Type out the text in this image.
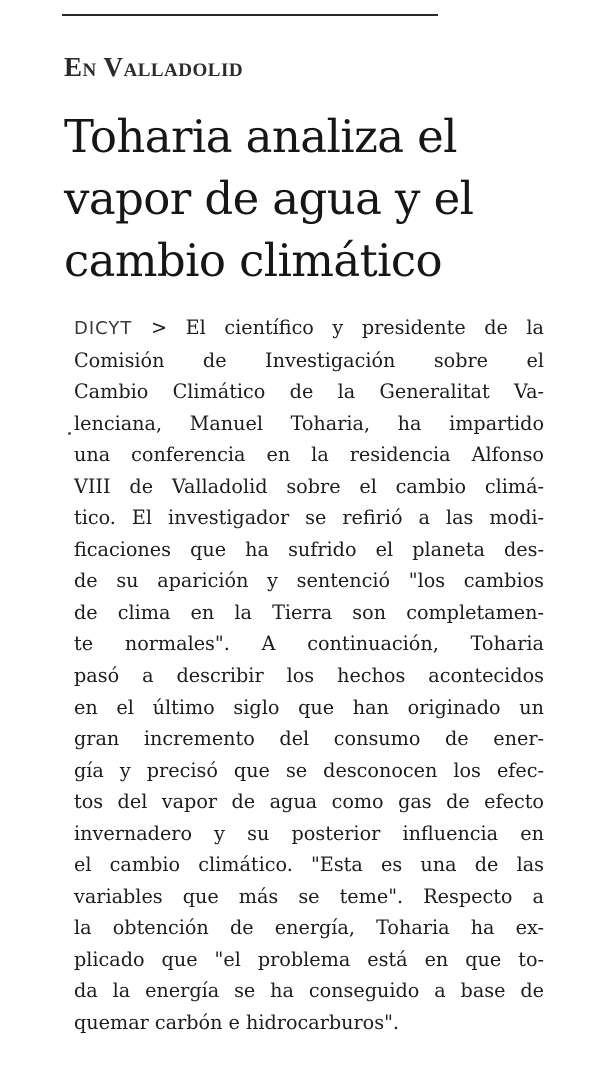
En Valladolid
Toharia analiza el
vapor de agua y el
cambio climático
DICYT > El científico y presidente de la
Comisión de Investigación sobre el
Cambio Climático de la Generalitat Va-
lenciana, Manuel Toharia, ha impartido
una conferencia en la residencia Alfonso
VIII de Valladolid sobre el cambio climá-
tico. El investigador se refirió a las modi-
ficaciones que ha sufrido el planeta des-
de su aparición y sentenció "los cambios
de clima en la Tierra son completamen-
te normales". A continuación, Toharia
pasó a describir los hechos acontecidos
en el último siglo que han originado un
gran incremento del consumo de ener-
gía y precisó que se desconocen los efec-
tos del vapor de agua como gas de efecto
invernadero y su posterior influencia en
el cambio climático. "Esta es una de las
variables que más se teme". Respecto a
la obtención de energía, Toharia ha ex-
plicado que "el problema está en que to-
da la energía se ha conseguido a base de
quemar carbón e hidrocarburos".
